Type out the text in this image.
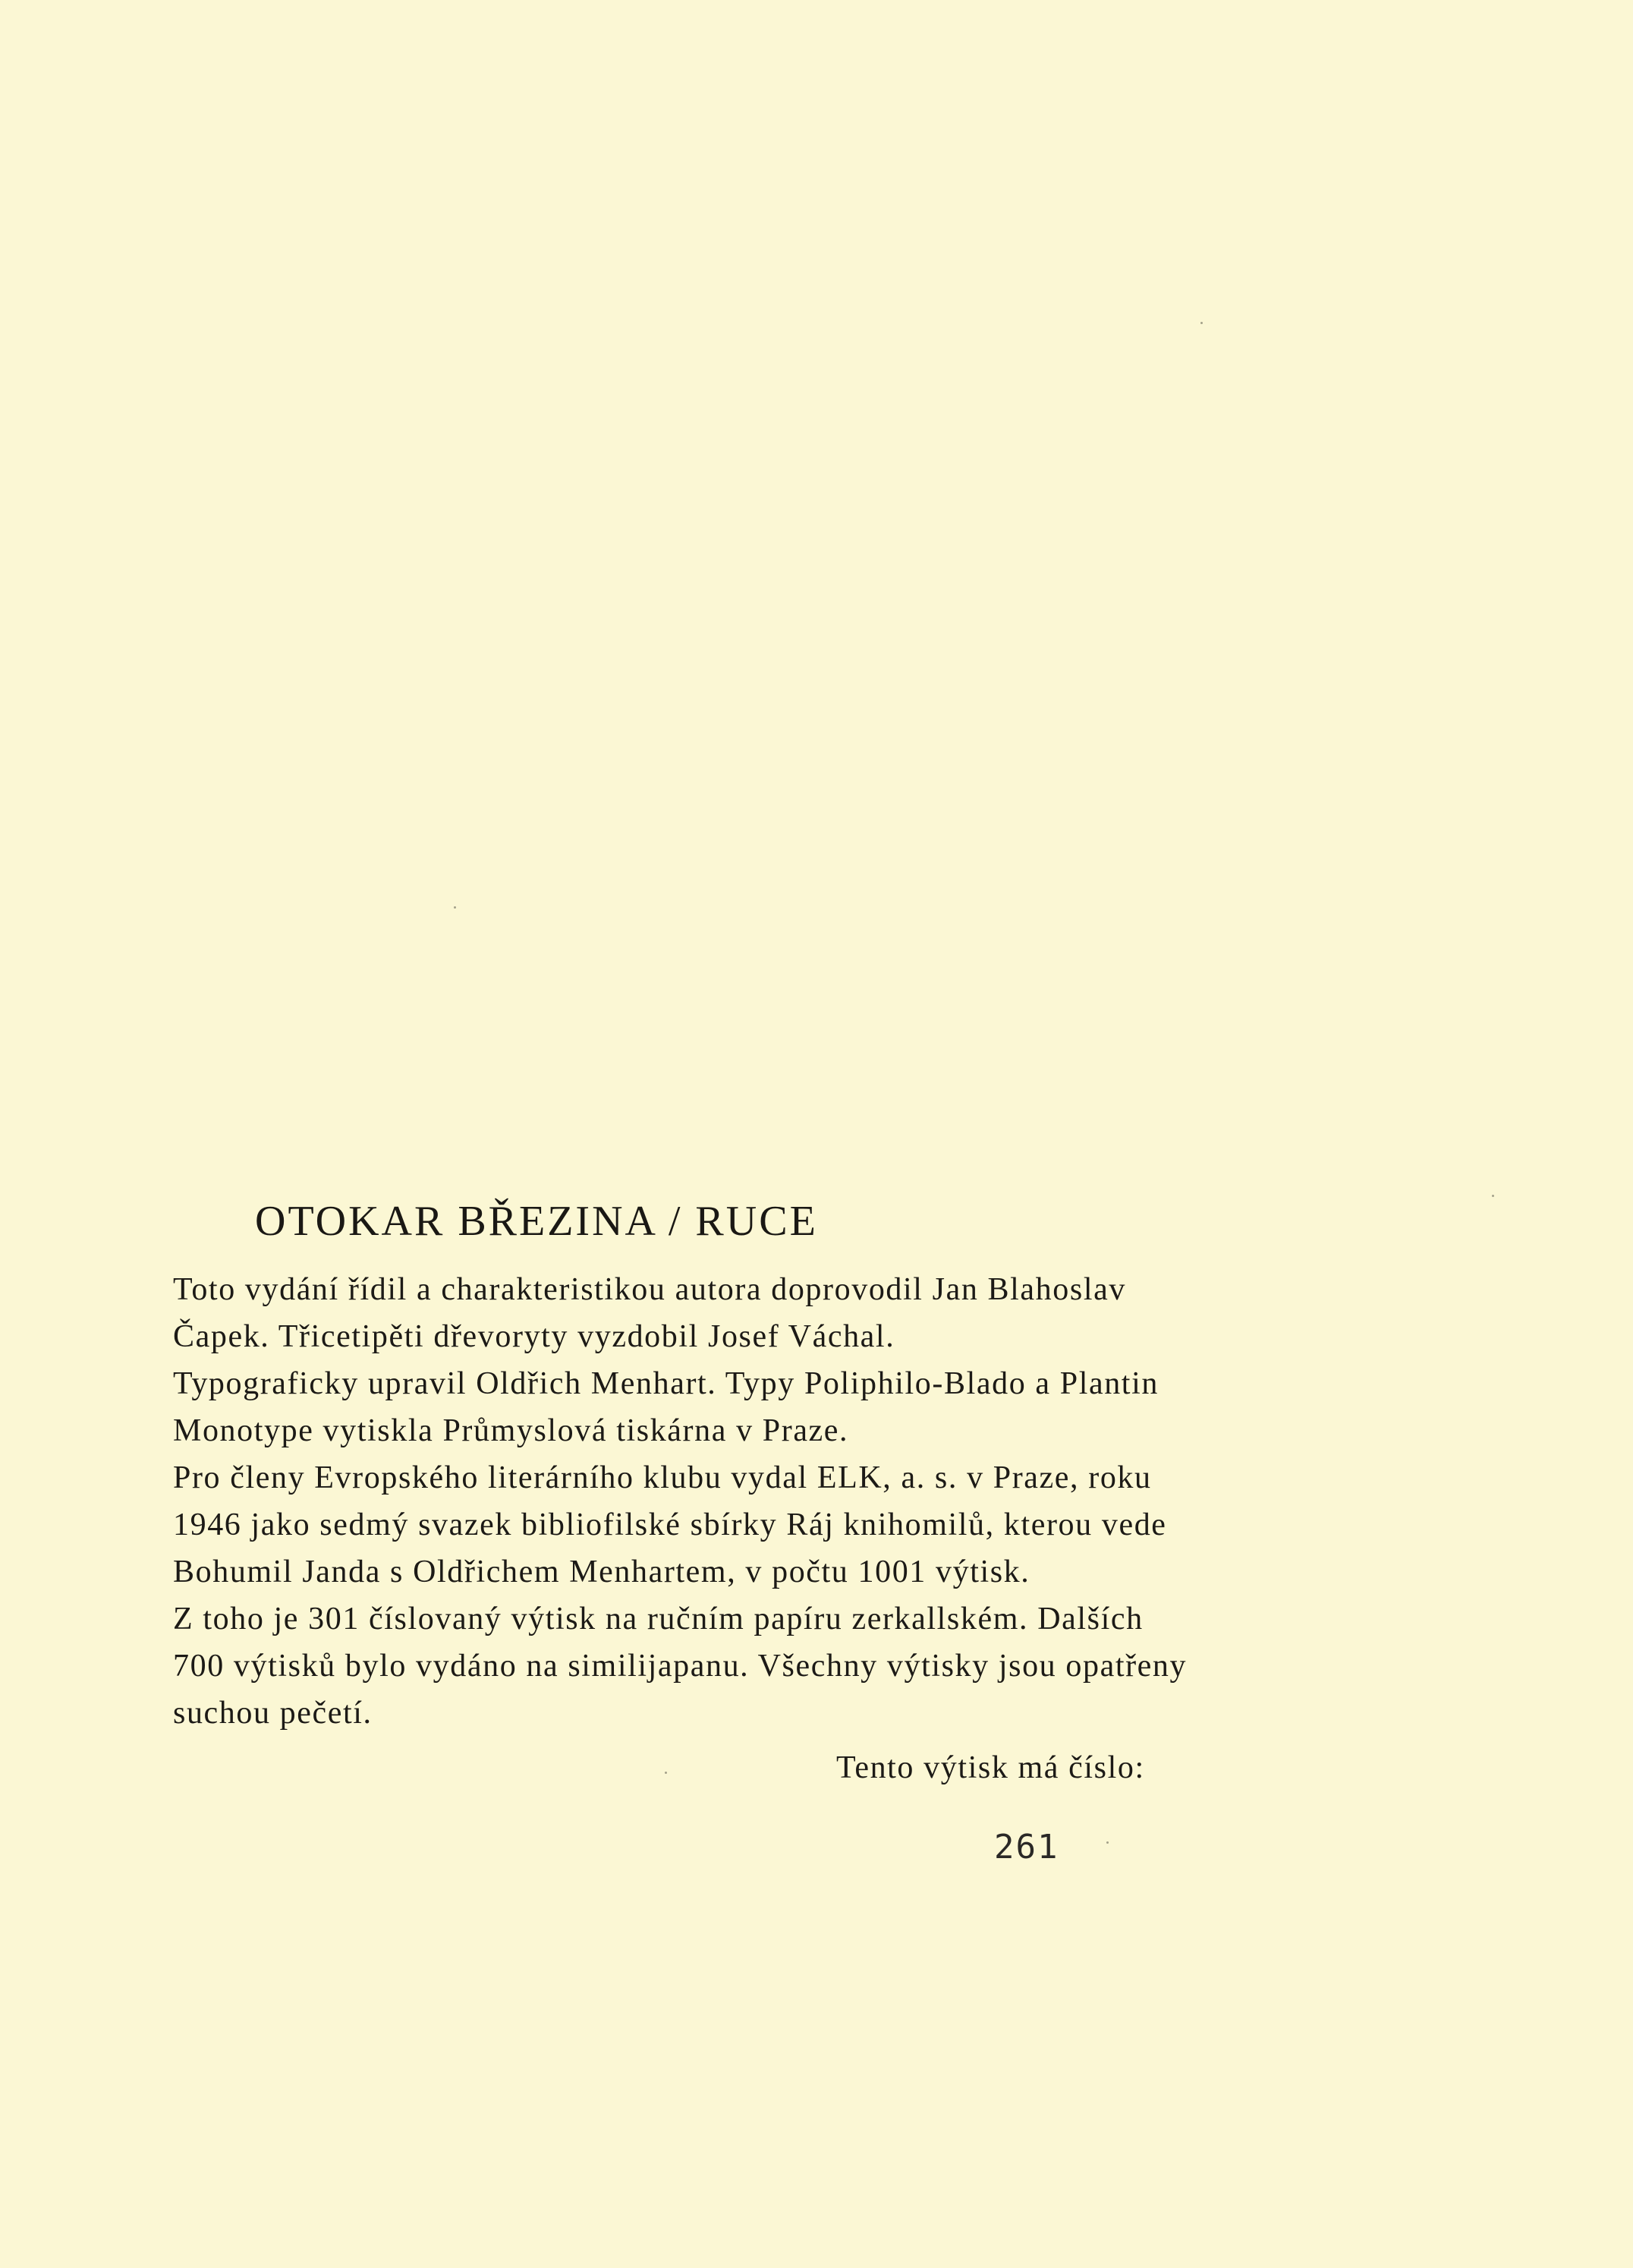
OTOKAR BŘEZINA / RUCE
Toto vydání řídil a charakteristikou autora doprovodil Jan Blahoslav
Čapek. Třicetipěti dřevoryty vyzdobil Josef Váchal.
Typograficky upravil Oldřich Menhart. Typy Poliphilo-Blado a Plantin
Monotype vytiskla Průmyslová tiskárna v Praze.
Pro členy Evropského literárního klubu vydal ELK, a. s. v Praze, roku
1946 jako sedmý svazek bibliofilské sbírky Ráj knihomilů, kterou vede
Bohumil Janda s Oldřichem Menhartem, v počtu 1001 výtisk.
Z toho je 301 číslovaný výtisk na ručním papíru zerkallském. Dalších
700 výtisků bylo vydáno na similijapanu. Všechny výtisky jsou opatřeny
suchou pečetí.
Tento výtisk má číslo:
261
